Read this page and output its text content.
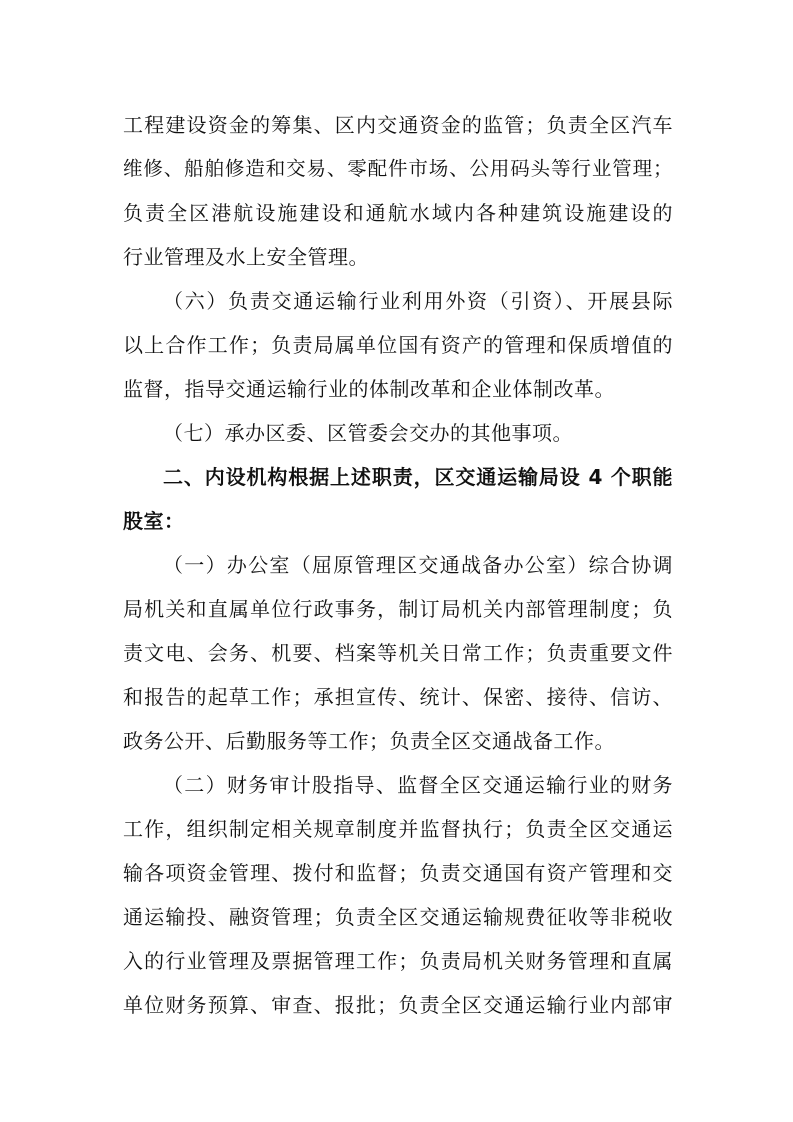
工程建设资金的筹集、区内交通资金的监管；负责全区汽车
维修、船舶修造和交易、零配件市场、公用码头等行业管理；
负责全区港航设施建设和通航水域内各种建筑设施建设的
行业管理及水上安全管理。
（六）负责交通运输行业利用外资（引资）、开展县际
以上合作工作；负责局属单位国有资产的管理和保质增值的
监督，指导交通运输行业的体制改革和企业体制改革。
（七）承办区委、区管委会交办的其他事项。
二、内设机构根据上述职责，区交通运输局设 4 个职能
股室：
（一）办公室（屈原管理区交通战备办公室）综合协调
局机关和直属单位行政事务，制订局机关内部管理制度；负
责文电、会务、机要、档案等机关日常工作；负责重要文件
和报告的起草工作；承担宣传、统计、保密、接待、信访、
政务公开、后勤服务等工作；负责全区交通战备工作。
（二）财务审计股指导、监督全区交通运输行业的财务
工作，组织制定相关规章制度并监督执行；负责全区交通运
输各项资金管理、拨付和监督；负责交通国有资产管理和交
通运输投、融资管理；负责全区交通运输规费征收等非税收
入的行业管理及票据管理工作；负责局机关财务管理和直属
单位财务预算、审查、报批；负责全区交通运输行业内部审
